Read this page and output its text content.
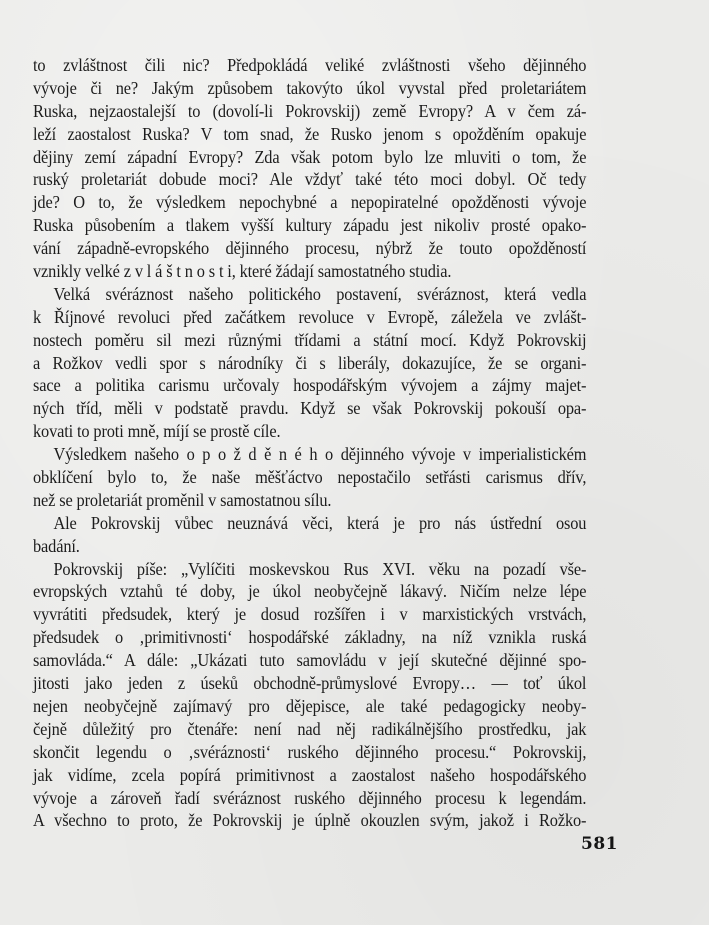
to zvláštnost čili nic? Předpokládá veliké zvláštnosti všeho dějinného
vývoje či ne? Jakým způsobem takovýto úkol vyvstal před proletariátem
Ruska, nejzaostalejší to (dovolí-li Pokrovskij) země Evropy? A v čem zá-
leží zaostalost Ruska? V tom snad, že Rusko jenom s opožděním opakuje
dějiny zemí západní Evropy? Zda však potom bylo lze mluviti o tom, že
ruský proletariát dobude moci? Ale vždyť také této moci dobyl. Oč tedy
jde? O to, že výsledkem nepochybné a nepopiratelné opožděnosti vývoje
Ruska působením a tlakem vyšší kultury západu jest nikoliv prosté opako-
vání západně-evropského dějinného procesu, nýbrž že touto opožděností
vznikly velké z v l á š t n o s t i, které žádají samostatného studia.
Velká svéráznost našeho politického postavení, svéráznost, která vedla
k Říjnové revoluci před začátkem revoluce v Evropě, záležela ve zvlášt-
nostech poměru sil mezi různými třídami a státní mocí. Když Pokrovskij
a Rožkov vedli spor s národníky či s liberály, dokazujíce, že se organi-
sace a politika carismu určovaly hospodářským vývojem a zájmy majet-
ných tříd, měli v podstatě pravdu. Když se však Pokrovskij pokouší opa-
kovati to proti mně, míjí se prostě cíle.
Výsledkem našeho o p o ž d ě n é h o dějinného vývoje v imperialistickém
obklíčení bylo to, že naše měšťáctvo nepostačilo setřásti carismus dřív,
než se proletariát proměnil v samostatnou sílu.
Ale Pokrovskij vůbec neuznává věci, která je pro nás ústřední osou
badání.
Pokrovskij píše: „Vylíčiti moskevskou Rus XVI. věku na pozadí vše-
evropských vztahů té doby, je úkol neobyčejně lákavý. Ničím nelze lépe
vyvrátiti předsudek, který je dosud rozšířen i v marxistických vrstvách,
předsudek o ‚primitivnosti‘ hospodářské základny, na níž vznikla ruská
samovláda.“ A dále: „Ukázati tuto samovládu v její skutečné dějinné spo-
jitosti jako jeden z úseků obchodně-průmyslové Evropy… — toť úkol
nejen neobyčejně zajímavý pro dějepisce, ale také pedagogicky neoby-
čejně důležitý pro čtenáře: není nad něj radikálnějšího prostředku, jak
skončit legendu o ‚svéráznosti‘ ruského dějinného procesu.“ Pokrovskij,
jak vidíme, zcela popírá primitivnost a zaostalost našeho hospodářského
vývoje a zároveň řadí svéráznost ruského dějinného procesu k legendám.
A všechno to proto, že Pokrovskij je úplně okouzlen svým, jakož i Rožko-
581
